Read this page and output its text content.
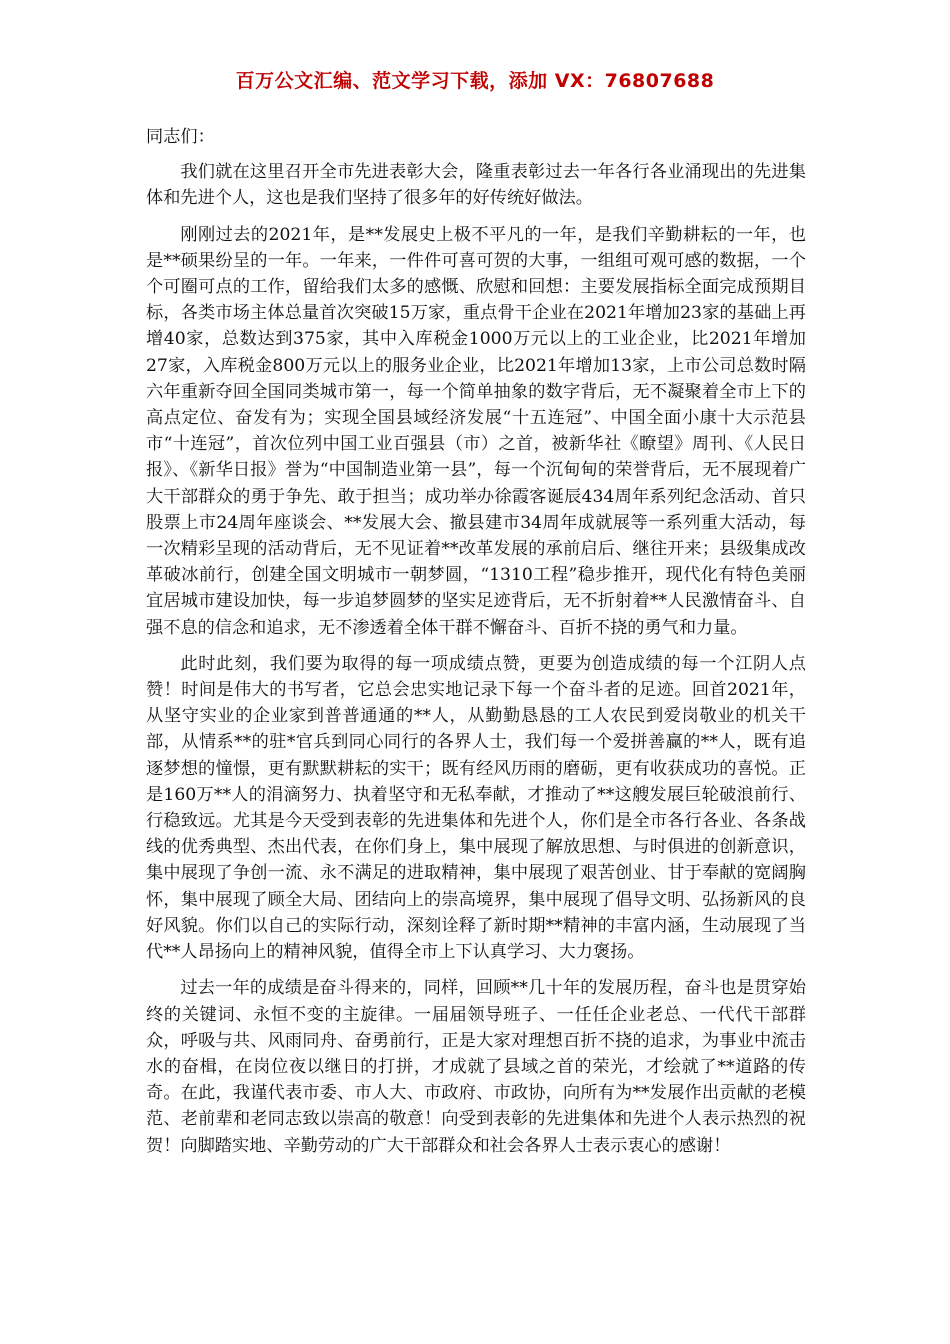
百万公文汇编、范文学习下载，添加 VX：76807688

同志们：

我们就在这里召开全市先进表彰大会，隆重表彰过去一年各行各业涌现出的先进集体和先进个人，这也是我们坚持了很多年的好传统好做法。

刚刚过去的2021年，是**发展史上极不平凡的一年，是我们辛勤耕耘的一年，也是**硕果纷呈的一年。一年来，一件件可喜可贺的大事，一组组可观可感的数据，一个个可圈可点的工作，留给我们太多的感慨、欣慰和回想：主要发展指标全面完成预期目标，各类市场主体总量首次突破15万家，重点骨干企业在2021年增加23家的基础上再增40家，总数达到375家，其中入库税金1000万元以上的工业企业，比2021年增加27家，入库税金800万元以上的服务业企业，比2021年增加13家，上市公司总数时隔六年重新夺回全国同类城市第一，每一个简单抽象的数字背后，无不凝聚着全市上下的高点定位、奋发有为；实现全国县域经济发展“十五连冠”、中国全面小康十大示范县市“十连冠”，首次位列中国工业百强县（市）之首，被新华社《瞭望》周刊、《人民日报》、《新华日报》誉为“中国制造业第一县”，每一个沉甸甸的荣誉背后，无不展现着广大干部群众的勇于争先、敢于担当；成功举办徐霞客诞辰434周年系列纪念活动、首只股票上市24周年座谈会、**发展大会、撤县建市34周年成就展等一系列重大活动，每一次精彩呈现的活动背后，无不见证着**改革发展的承前启后、继往开来；县级集成改革破冰前行，创建全国文明城市一朝梦圆，“1310工程”稳步推开，现代化有特色美丽宜居城市建设加快，每一步追梦圆梦的坚实足迹背后，无不折射着**人民激情奋斗、自强不息的信念和追求，无不渗透着全体干群不懈奋斗、百折不挠的勇气和力量。

此时此刻，我们要为取得的每一项成绩点赞，更要为创造成绩的每一个江阴人点赞！时间是伟大的书写者，它总会忠实地记录下每一个奋斗者的足迹。回首2021年，从坚守实业的企业家到普普通通的**人，从勤勤恳恳的工人农民到爱岗敬业的机关干部，从情系**的驻*官兵到同心同行的各界人士，我们每一个爱拼善赢的**人，既有追逐梦想的憧憬，更有默默耕耘的实干；既有经风历雨的磨砺，更有收获成功的喜悦。正是160万**人的涓滴努力、执着坚守和无私奉献，才推动了**这艘发展巨轮破浪前行、行稳致远。尤其是今天受到表彰的先进集体和先进个人，你们是全市各行各业、各条战线的优秀典型、杰出代表，在你们身上，集中展现了解放思想、与时俱进的创新意识，集中展现了争创一流、永不满足的进取精神，集中展现了艰苦创业、甘于奉献的宽阔胸怀，集中展现了顾全大局、团结向上的崇高境界，集中展现了倡导文明、弘扬新风的良好风貌。你们以自己的实际行动，深刻诠释了新时期**精神的丰富内涵，生动展现了当代**人昂扬向上的精神风貌，值得全市上下认真学习、大力褒扬。

过去一年的成绩是奋斗得来的，同样，回顾**几十年的发展历程，奋斗也是贯穿始终的关键词、永恒不变的主旋律。一届届领导班子、一任任企业老总、一代代干部群众，呼吸与共、风雨同舟、奋勇前行，正是大家对理想百折不挠的追求，为事业中流击水的奋楫，在岗位夜以继日的打拼，才成就了县域之首的荣光，才绘就了**道路的传奇。在此，我谨代表市委、市人大、市政府、市政协，向所有为**发展作出贡献的老模范、老前辈和老同志致以崇高的敬意！向受到表彰的先进集体和先进个人表示热烈的祝贺！向脚踏实地、辛勤劳动的广大干部群众和社会各界人士表示衷心的感谢！
